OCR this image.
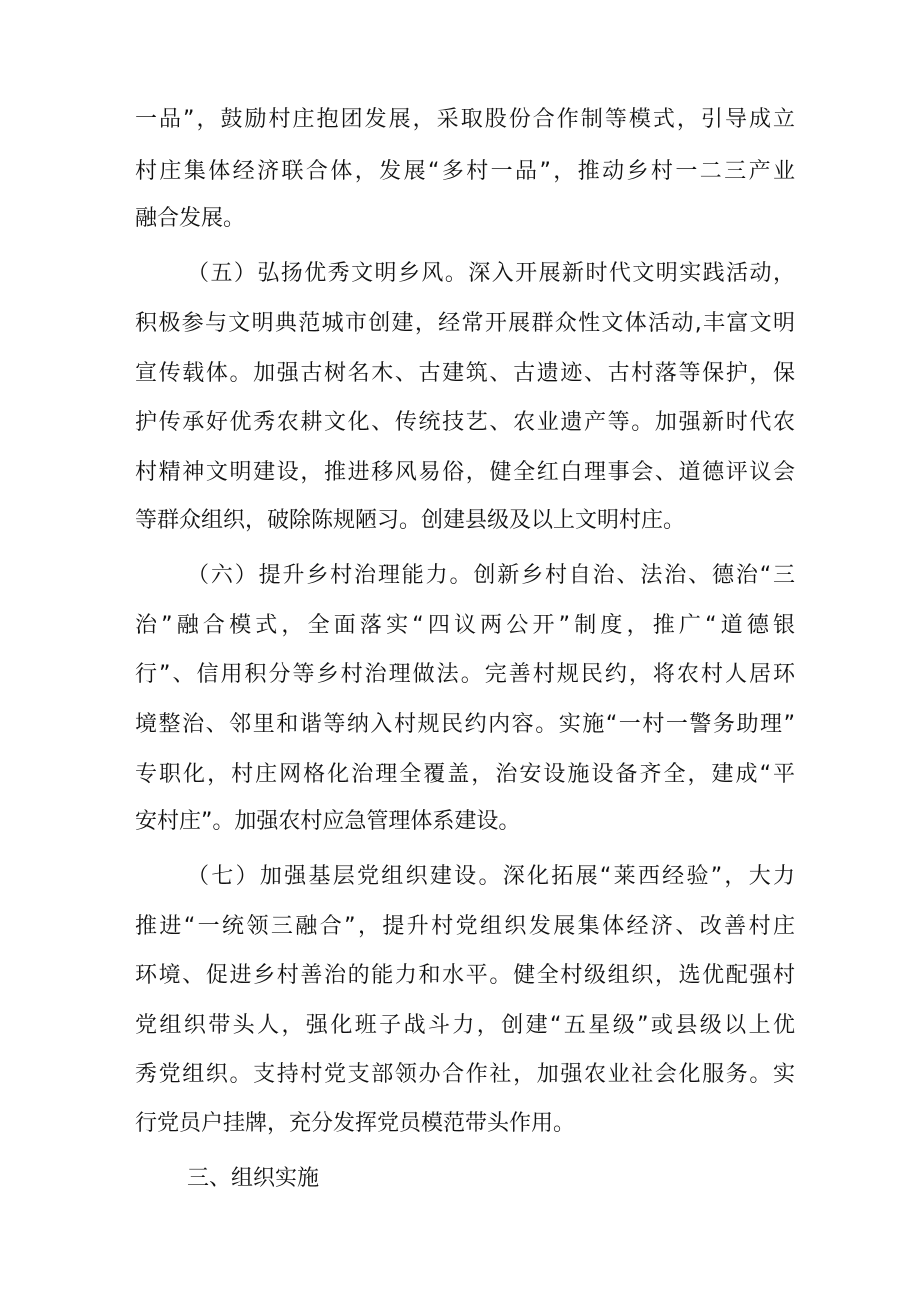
一品”，鼓励村庄抱团发展，采取股份合作制等模式，引导成立
村庄集体经济联合体，发展“多村一品”，推动乡村一二三产业
融合发展。
（五）弘扬优秀文明乡风。深入开展新时代文明实践活动，
积极参与文明典范城市创建，经常开展群众性文体活动,丰富文明
宣传载体。加强古树名木、古建筑、古遗迹、古村落等保护，保
护传承好优秀农耕文化、传统技艺、农业遗产等。加强新时代农
村精神文明建设，推进移风易俗，健全红白理事会、道德评议会
等群众组织，破除陈规陋习。创建县级及以上文明村庄。
（六）提升乡村治理能力。创新乡村自治、法治、德治“三
治”融合模式，全面落实“四议两公开”制度，推广“道德银
行”、信用积分等乡村治理做法。完善村规民约，将农村人居环
境整治、邻里和谐等纳入村规民约内容。实施“一村一警务助理”
专职化，村庄网格化治理全覆盖，治安设施设备齐全，建成“平
安村庄”。加强农村应急管理体系建设。
（七）加强基层党组织建设。深化拓展“莱西经验”，大力
推进“一统领三融合”，提升村党组织发展集体经济、改善村庄
环境、促进乡村善治的能力和水平。健全村级组织，选优配强村
党组织带头人，强化班子战斗力，创建“五星级”或县级以上优
秀党组织。支持村党支部领办合作社，加强农业社会化服务。实
行党员户挂牌，充分发挥党员模范带头作用。
三、组织实施
